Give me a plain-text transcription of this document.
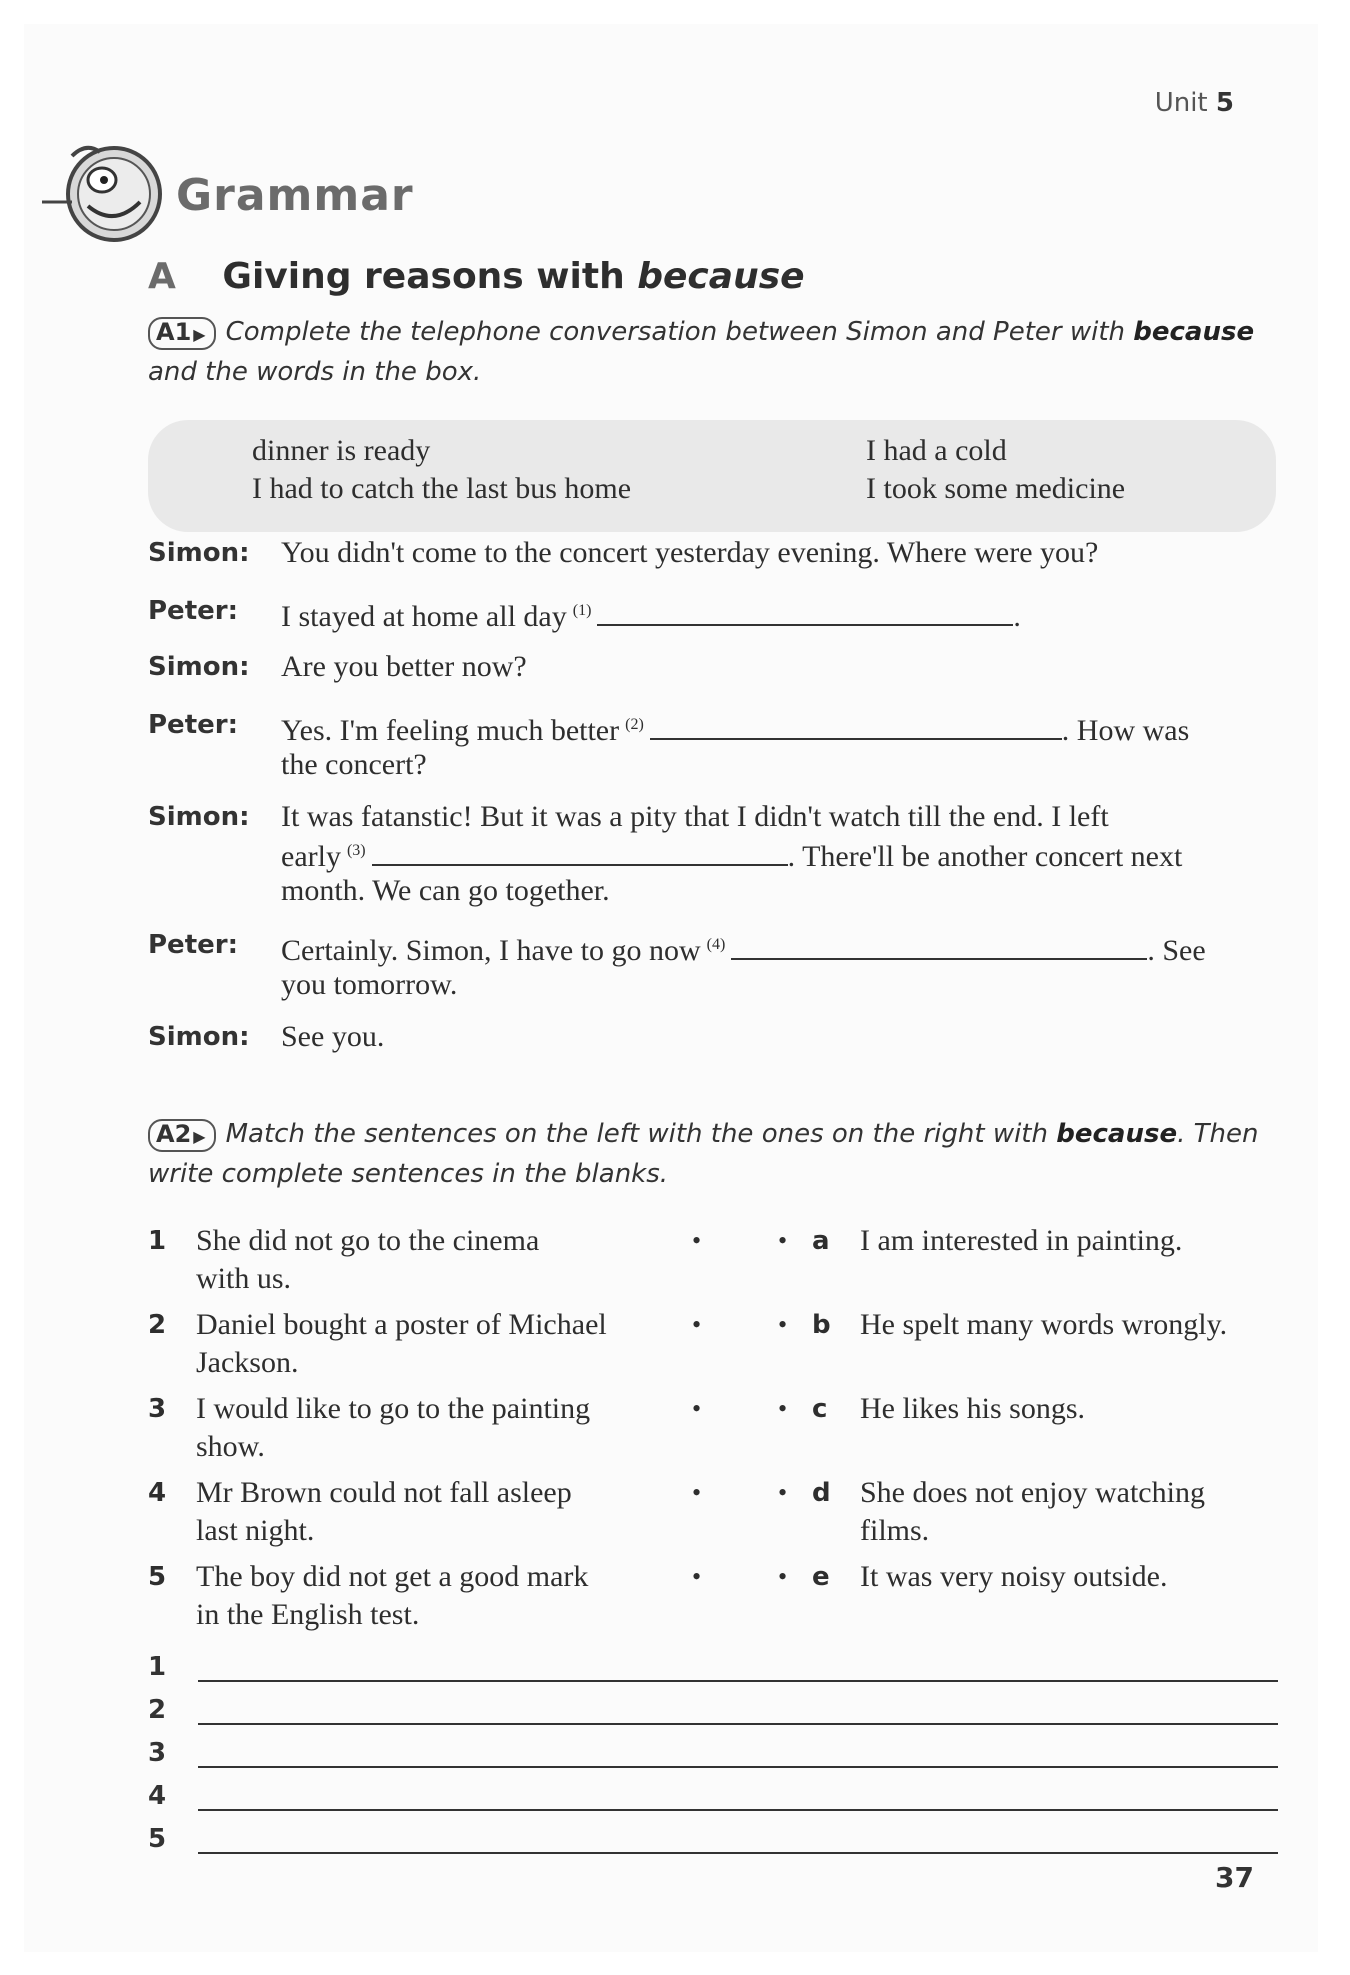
Unit 5
Grammar
A Giving reasons with because
A1 ▶ Complete the telephone conversation between Simon and Peter with because and the words in the box.
dinner is ready
I had to catch the last bus home
I had a cold
I took some medicine
Simon:	You didn't come to the concert yesterday evening. Where were you?
Peter:	I stayed at home all day $^{(1)}$	.
Simon:	Are you better now?
Peter:	Yes. I'm feeling much better $^{(2)}$	. How was
the concert?
Simon:	It was fatanstic! But it was a pity that I didn't watch till the end. I left
early $^{(3)}$	. There'll be another concert next
month. We can go together.
Peter:	Certainly. Simon, I have to go now $^{(4)}$	. See
you tomorrow.
Simon:	See you.
A2 ▶ Match the sentences on the left with the ones on the right with because. Then write complete sentences in the blanks.
1 She did not go to the cinema
with us.
•	• a I am interested in painting.

2 Daniel bought a poster of Michael
Jackson.
•	• b He spelt many words wrongly.

3 I would like to go to the painting
show.
•	• c He likes his songs.

4 Mr Brown could not fall asleep
last night.
•	• d She does not enjoy watching
films.
5 The boy did not get a good mark
in the English test.
•	• e It was very noisy outside.

1
2
3
4
5
37
